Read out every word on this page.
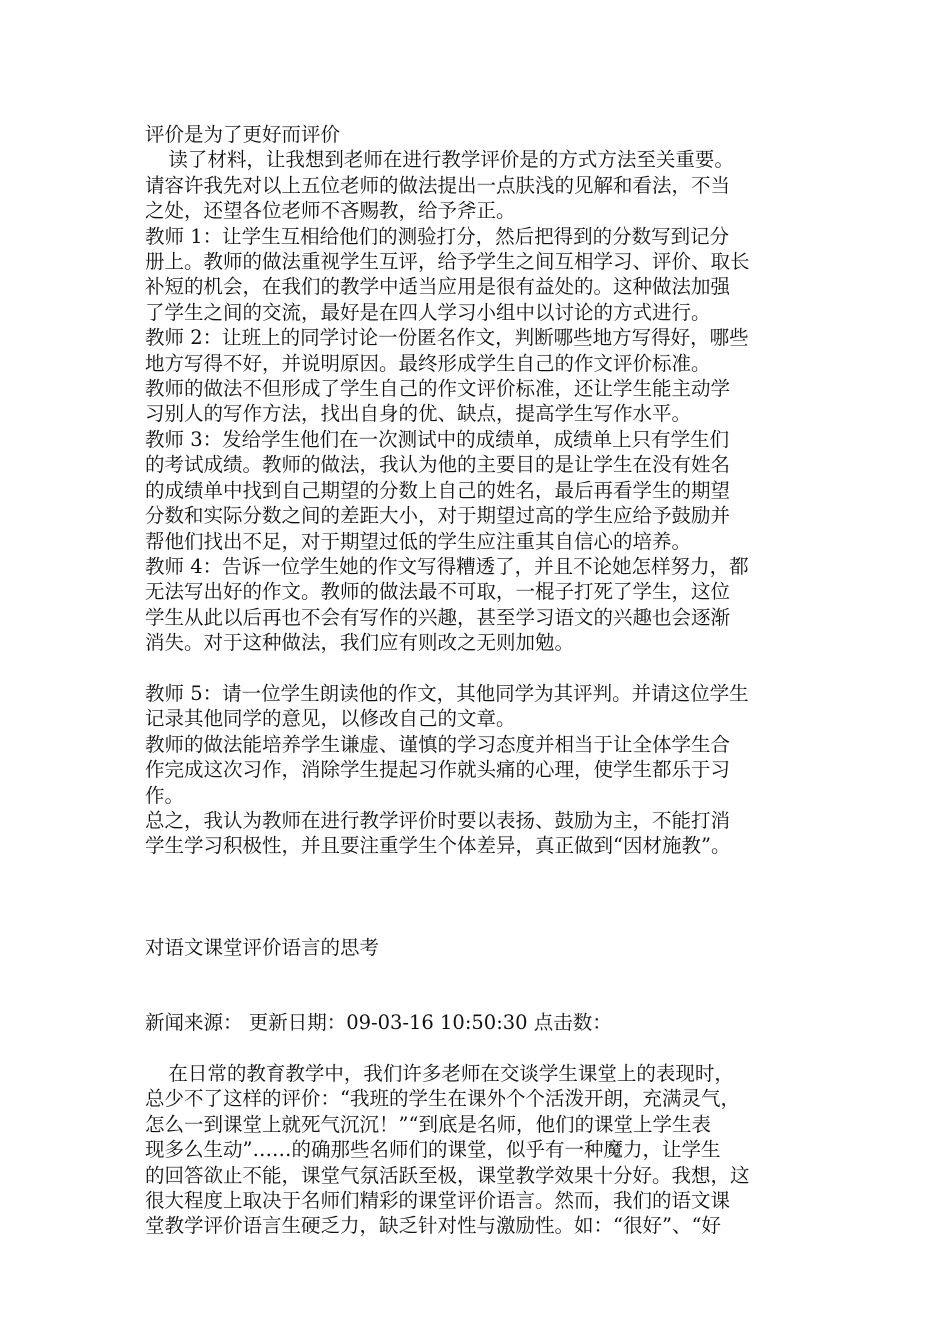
评价是为了更好而评价

读了材料，让我想到老师在进行教学评价是的方式方法至关重要。
请容许我先对以上五位老师的做法提出一点肤浅的见解和看法，不当
之处，还望各位老师不吝赐教，给予斧正。

教师 1：让学生互相给他们的测验打分，然后把得到的分数写到记分
册上。教师的做法重视学生互评，给予学生之间互相学习、评价、取长
补短的机会，在我们的教学中适当应用是很有益处的。这种做法加强
了学生之间的交流，最好是在四人学习小组中以讨论的方式进行。

教师 2：让班上的同学讨论一份匿名作文，判断哪些地方写得好，哪些
地方写得不好，并说明原因。最终形成学生自己的作文评价标准。
教师的做法不但形成了学生自己的作文评价标准，还让学生能主动学
习别人的写作方法，找出自身的优、缺点，提高学生写作水平。

教师 3：发给学生他们在一次测试中的成绩单，成绩单上只有学生们
的考试成绩。教师的做法，我认为他的主要目的是让学生在没有姓名
的成绩单中找到自己期望的分数上自己的姓名，最后再看学生的期望
分数和实际分数之间的差距大小，对于期望过高的学生应给予鼓励并
帮他们找出不足，对于期望过低的学生应注重其自信心的培养。

教师 4：告诉一位学生她的作文写得糟透了，并且不论她怎样努力，都
无法写出好的作文。教师的做法最不可取，一棍子打死了学生，这位
学生从此以后再也不会有写作的兴趣，甚至学习语文的兴趣也会逐渐
消失。对于这种做法，我们应有则改之无则加勉。

教师 5：请一位学生朗读他的作文，其他同学为其评判。并请这位学生
记录其他同学的意见，以修改自己的文章。
教师的做法能培养学生谦虚、谨慎的学习态度并相当于让全体学生合
作完成这次习作，消除学生提起习作就头痛的心理，使学生都乐于习
作。

总之，我认为教师在进行教学评价时要以表扬、鼓励为主，不能打消
学生学习积极性，并且要注重学生个体差异，真正做到“因材施教”。

对语文课堂评价语言的思考

新闻来源： 更新日期：09-03-16 10:50:30 点击数：

在日常的教育教学中，我们许多老师在交谈学生课堂上的表现时，
总少不了这样的评价：“我班的学生在课外个个活泼开朗，充满灵气，
怎么一到课堂上就死气沉沉！”“到底是名师，他们的课堂上学生表
现多么生动”……的确那些名师们的课堂，似乎有一种魔力，让学生
的回答欲止不能，课堂气氛活跃至极，课堂教学效果十分好。我想，这
很大程度上取决于名师们精彩的课堂评价语言。然而，我们的语文课
堂教学评价语言生硬乏力，缺乏针对性与激励性。如：“很好”、“好
